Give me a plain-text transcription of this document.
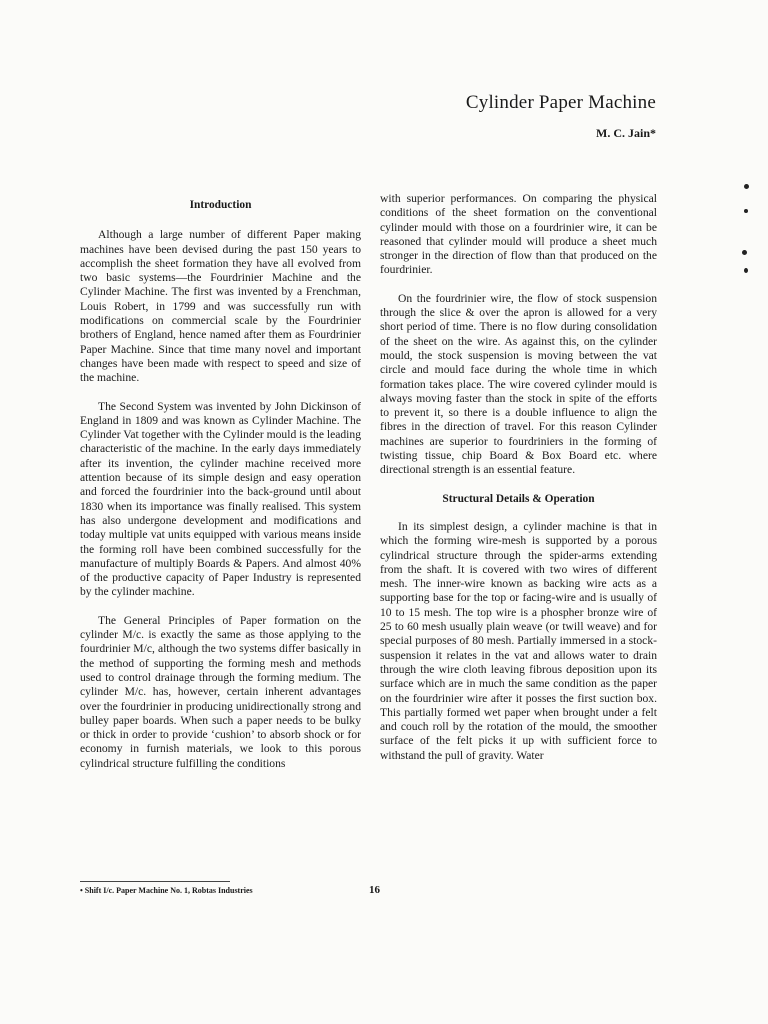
Cylinder Paper Machine
M. C. Jain*
Introduction

Although a large number of different Paper making machines have been devised during the past 150 years to accomplish the sheet formation they have all evolved from two basic systems—the Fourdrinier Machine and the Cylinder Machine. The first was invented by a Frenchman, Louis Robert, in 1799 and was successfully run with modifications on commercial scale by the Fourdrinier brothers of England, hence named after them as Fourdrinier Paper Machine. Since that time many novel and important changes have been made with respect to speed and size of the machine.

The Second System was invented by John Dickinson of England in 1809 and was known as Cylinder Machine. The Cylinder Vat together with the Cylinder mould is the leading characteristic of the machine. In the early days immediately after its invention, the cylinder machine received more attention because of its simple design and easy operation and forced the fourdrinier into the back-ground until about 1830 when its importance was finally realised. This system has also undergone development and modifications and today multiple vat units equipped with various means inside the forming roll have been combined successfully for the manufacture of multiply Boards & Papers. And almost 40% of the productive capacity of Paper Industry is represented by the cylinder machine.

The General Principles of Paper formation on the cylinder M/c. is exactly the same as those applying to the fourdrinier M/c, although the two systems differ basically in the method of supporting the forming mesh and methods used to control drainage through the forming medium. The cylinder M/c. has, however, certain inherent advantages over the fourdrinier in producing unidirectionally strong and bulley paper boards. When such a paper needs to be bulky or thick in order to provide ‘cushion’ to absorb shock or for economy in furnish materials, we look to this porous cylindrical structure fulfilling the conditions

with superior performances. On comparing the physical conditions of the sheet formation on the conventional cylinder mould with those on a fourdrinier wire, it can be reasoned that cylinder mould will produce a sheet much stronger in the direction of flow than that produced on the fourdrinier.

On the fourdrinier wire, the flow of stock suspension through the slice & over the apron is allowed for a very short period of time. There is no flow during consolidation of the sheet on the wire. As against this, on the cylinder mould, the stock suspension is moving between the vat circle and mould face during the whole time in which formation takes place. The wire covered cylinder mould is always moving faster than the stock in spite of the efforts to prevent it, so there is a double influence to align the fibres in the direction of travel. For this reason Cylinder machines are superior to fourdriniers in the forming of twisting tissue, chip Board & Box Board etc. where directional strength is an essential feature.

Structural Details & Operation

In its simplest design, a cylinder machine is that in which the forming wire-mesh is supported by a porous cylindrical structure through the spider-arms extending from the shaft. It is covered with two wires of different mesh. The inner-wire known as backing wire acts as a supporting base for the top or facing-wire and is usually of 10 to 15 mesh. The top wire is a phospher bronze wire of 25 to 60 mesh usually plain weave (or twill weave) and for special purposes of 80 mesh. Partially immersed in a stock-suspension it relates in the vat and allows water to drain through the wire cloth leaving fibrous deposition upon its surface which are in much the same condition as the paper on the fourdrinier wire after it posses the first suction box. This partially formed wet paper when brought under a felt and couch roll by the rotation of the mould, the smoother surface of the felt picks it up with sufficient force to withstand the pull of gravity. Water

• Shift I/c. Paper Machine No. 1, Robtas Industries	16
